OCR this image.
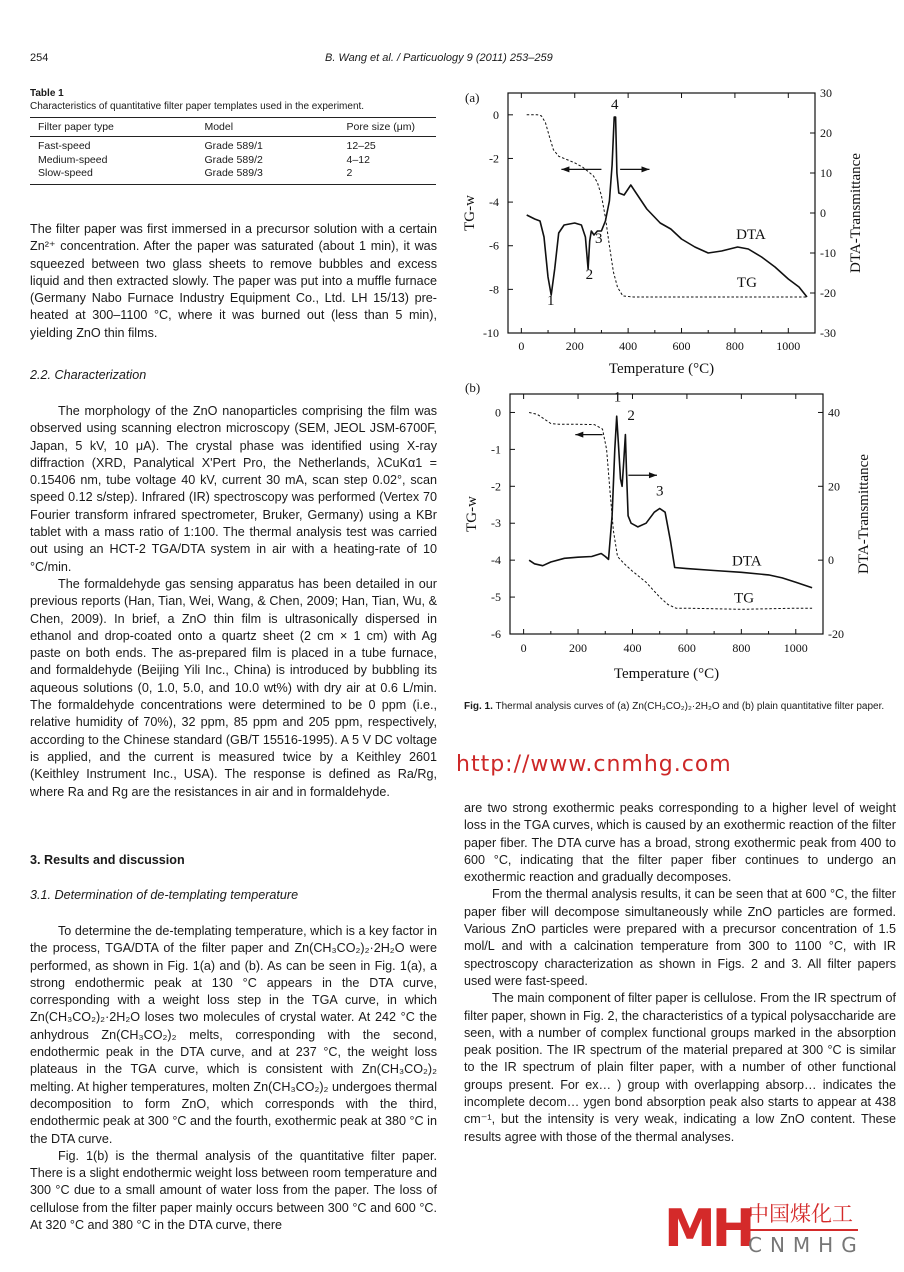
254	B. Wang et al. / Particuology 9 (2011) 253–259
Table 1
Characteristics of quantitative filter paper templates used in the experiment.
Filter paper type	Model	Pore size (μm)
Fast-speed	Grade 589/1	12–25
Medium-speed	Grade 589/2	4–12
Slow-speed	Grade 589/3	2

The filter paper was first immersed in a precursor solution with a certain Zn²⁺ concentration. After the paper was saturated (about 1 min), it was squeezed between two glass sheets to remove bubbles and excess liquid and then extracted slowly. The paper was put into a muffle furnace (Germany Nabo Furnace Industry Equipment Co., Ltd. LH 15/13) pre-heated at 300–1100 °C, where it was burned out (less than 5 min), yielding ZnO thin films.

2.2. Characterization

The morphology of the ZnO nanoparticles comprising the film was observed using scanning electron microscopy (SEM, JEOL JSM-6700F, Japan, 5 kV, 10 μA). The crystal phase was identified using X-ray diffraction (XRD, Panalytical X'Pert Pro, the Netherlands, λCuKα1 = 0.15406 nm, tube voltage 40 kV, current 30 mA, scan step 0.02°, scan speed 0.12 s/step). Infrared (IR) spectroscopy was performed (Vertex 70 Fourier transform infrared spectrometer, Bruker, Germany) using a KBr tablet with a mass ratio of 1:100. The thermal analysis test was carried out using an HCT-2 TGA/DTA system in air with a heating-rate of 10 °C/min.

The formaldehyde gas sensing apparatus has been detailed in our previous reports (Han, Tian, Wei, Wang, & Chen, 2009; Han, Tian, Wu, & Chen, 2009). In brief, a ZnO thin film is ultrasonically dispersed in ethanol and drop-coated onto a quartz sheet (2 cm × 1 cm) with Ag paste on both ends. The as-prepared film is placed in a tube furnace, and formaldehyde (Beijing Yili Inc., China) is introduced by bubbling its aqueous solutions (0, 1.0, 5.0, and 10.0 wt%) with dry air at 0.6 L/min. The formaldehyde concentrations were determined to be 0 ppm (i.e., relative humidity of 70%), 32 ppm, 85 ppm and 205 ppm, respectively, according to the Chinese standard (GB/T 15516-1995). A 5 V DC voltage is applied, and the current is measured twice by a Keithley 2601 (Keithley Instrument Inc., USA). The response is defined as Ra/Rg, where Ra and Rg are the resistances in air and in formaldehyde.

3. Results and discussion
3.1. Determination of de-templating temperature

To determine the de-templating temperature, which is a key factor in the process, TGA/DTA of the filter paper and Zn(CH₃CO₂)₂·2H₂O were performed, as shown in Fig. 1(a) and (b). As can be seen in Fig. 1(a), a strong endothermic peak at 130 °C appears in the DTA curve, corresponding with a weight loss step in the TGA curve, in which Zn(CH₃CO₂)₂·2H₂O loses two molecules of crystal water. At 242 °C the anhydrous Zn(CH₃CO₂)₂ melts, corresponding with the second, endothermic peak in the DTA curve, and at 237 °C, the weight loss plateaus in the TGA curve, which is consistent with Zn(CH₃CO₂)₂ melting. At higher temperatures, molten Zn(CH₃CO₂)₂ undergoes thermal decomposition to form ZnO, which corresponds with the third, endothermic peak at 300 °C and the fourth, exothermic peak at 380 °C in the DTA curve.

Fig. 1(b) is the thermal analysis of the quantitative filter paper. There is a slight endothermic weight loss between room temperature and 300 °C due to a small amount of water loss from the paper. The loss of cellulose from the filter paper mainly occurs between 300 °C and 600 °C. At 320 °C and 380 °C in the DTA curve, there

are two strong exothermic peaks corresponding to a higher level of weight loss in the TGA curves, which is caused by an exothermic reaction of the filter paper fiber. The DTA curve has a broad, strong exothermic peak from 400 to 600 °C, indicating that the filter paper fiber continues to undergo an exothermic reaction and gradually decomposes.

From the thermal analysis results, it can be seen that at 600 °C, the filter paper fiber will decompose simultaneously while ZnO particles are formed. Various ZnO particles were prepared with a precursor concentration of 1.5 mol/L and with a calcination temperature from 300 to 1100 °C, with IR spectroscopy characterization as shown in Figs. 2 and 3. All filter papers used were fast-speed.

The main component of filter paper is cellulose. From the IR spectrum of filter paper, shown in Fig. 2, the characteristics of a typical polysaccharide are seen, with a number of complex functional groups marked in the absorption peak position. The IR spectrum of the material prepared at 300 °C is similar to the IR spectrum of plain filter paper, with a number of other functional groups present. For ex… ) group with overlapping absorp… indicates the incomplete decom… ygen bond absorption peak also starts to appear at 438 cm⁻¹, but the intensity is very weak, indicating a low ZnO content. These results agree with those of the thermal analyses.

(a)
0	200	400	600	800	1000
0
-2
-4
-6
-8
-10
30
20
10
0
-10
-20
-30
Temperature (°C)
TG-w	DTA-Transmittance
1
2
3
4
DTA
TG
(b)
0	200	400	600	800	1000
0
-1
-2
-3
-4
-5
-6
40
20
0
-20
Temperature (°C)
TG-w	DTA-Transmittance
1
2
3
DTA
TG
Fig. 1. Thermal analysis curves of (a) Zn(CH₃CO₂)₂·2H₂O and (b) plain quantitative filter paper.
http://www.cnmhg.com
MH
中国煤化工
CNMHG
